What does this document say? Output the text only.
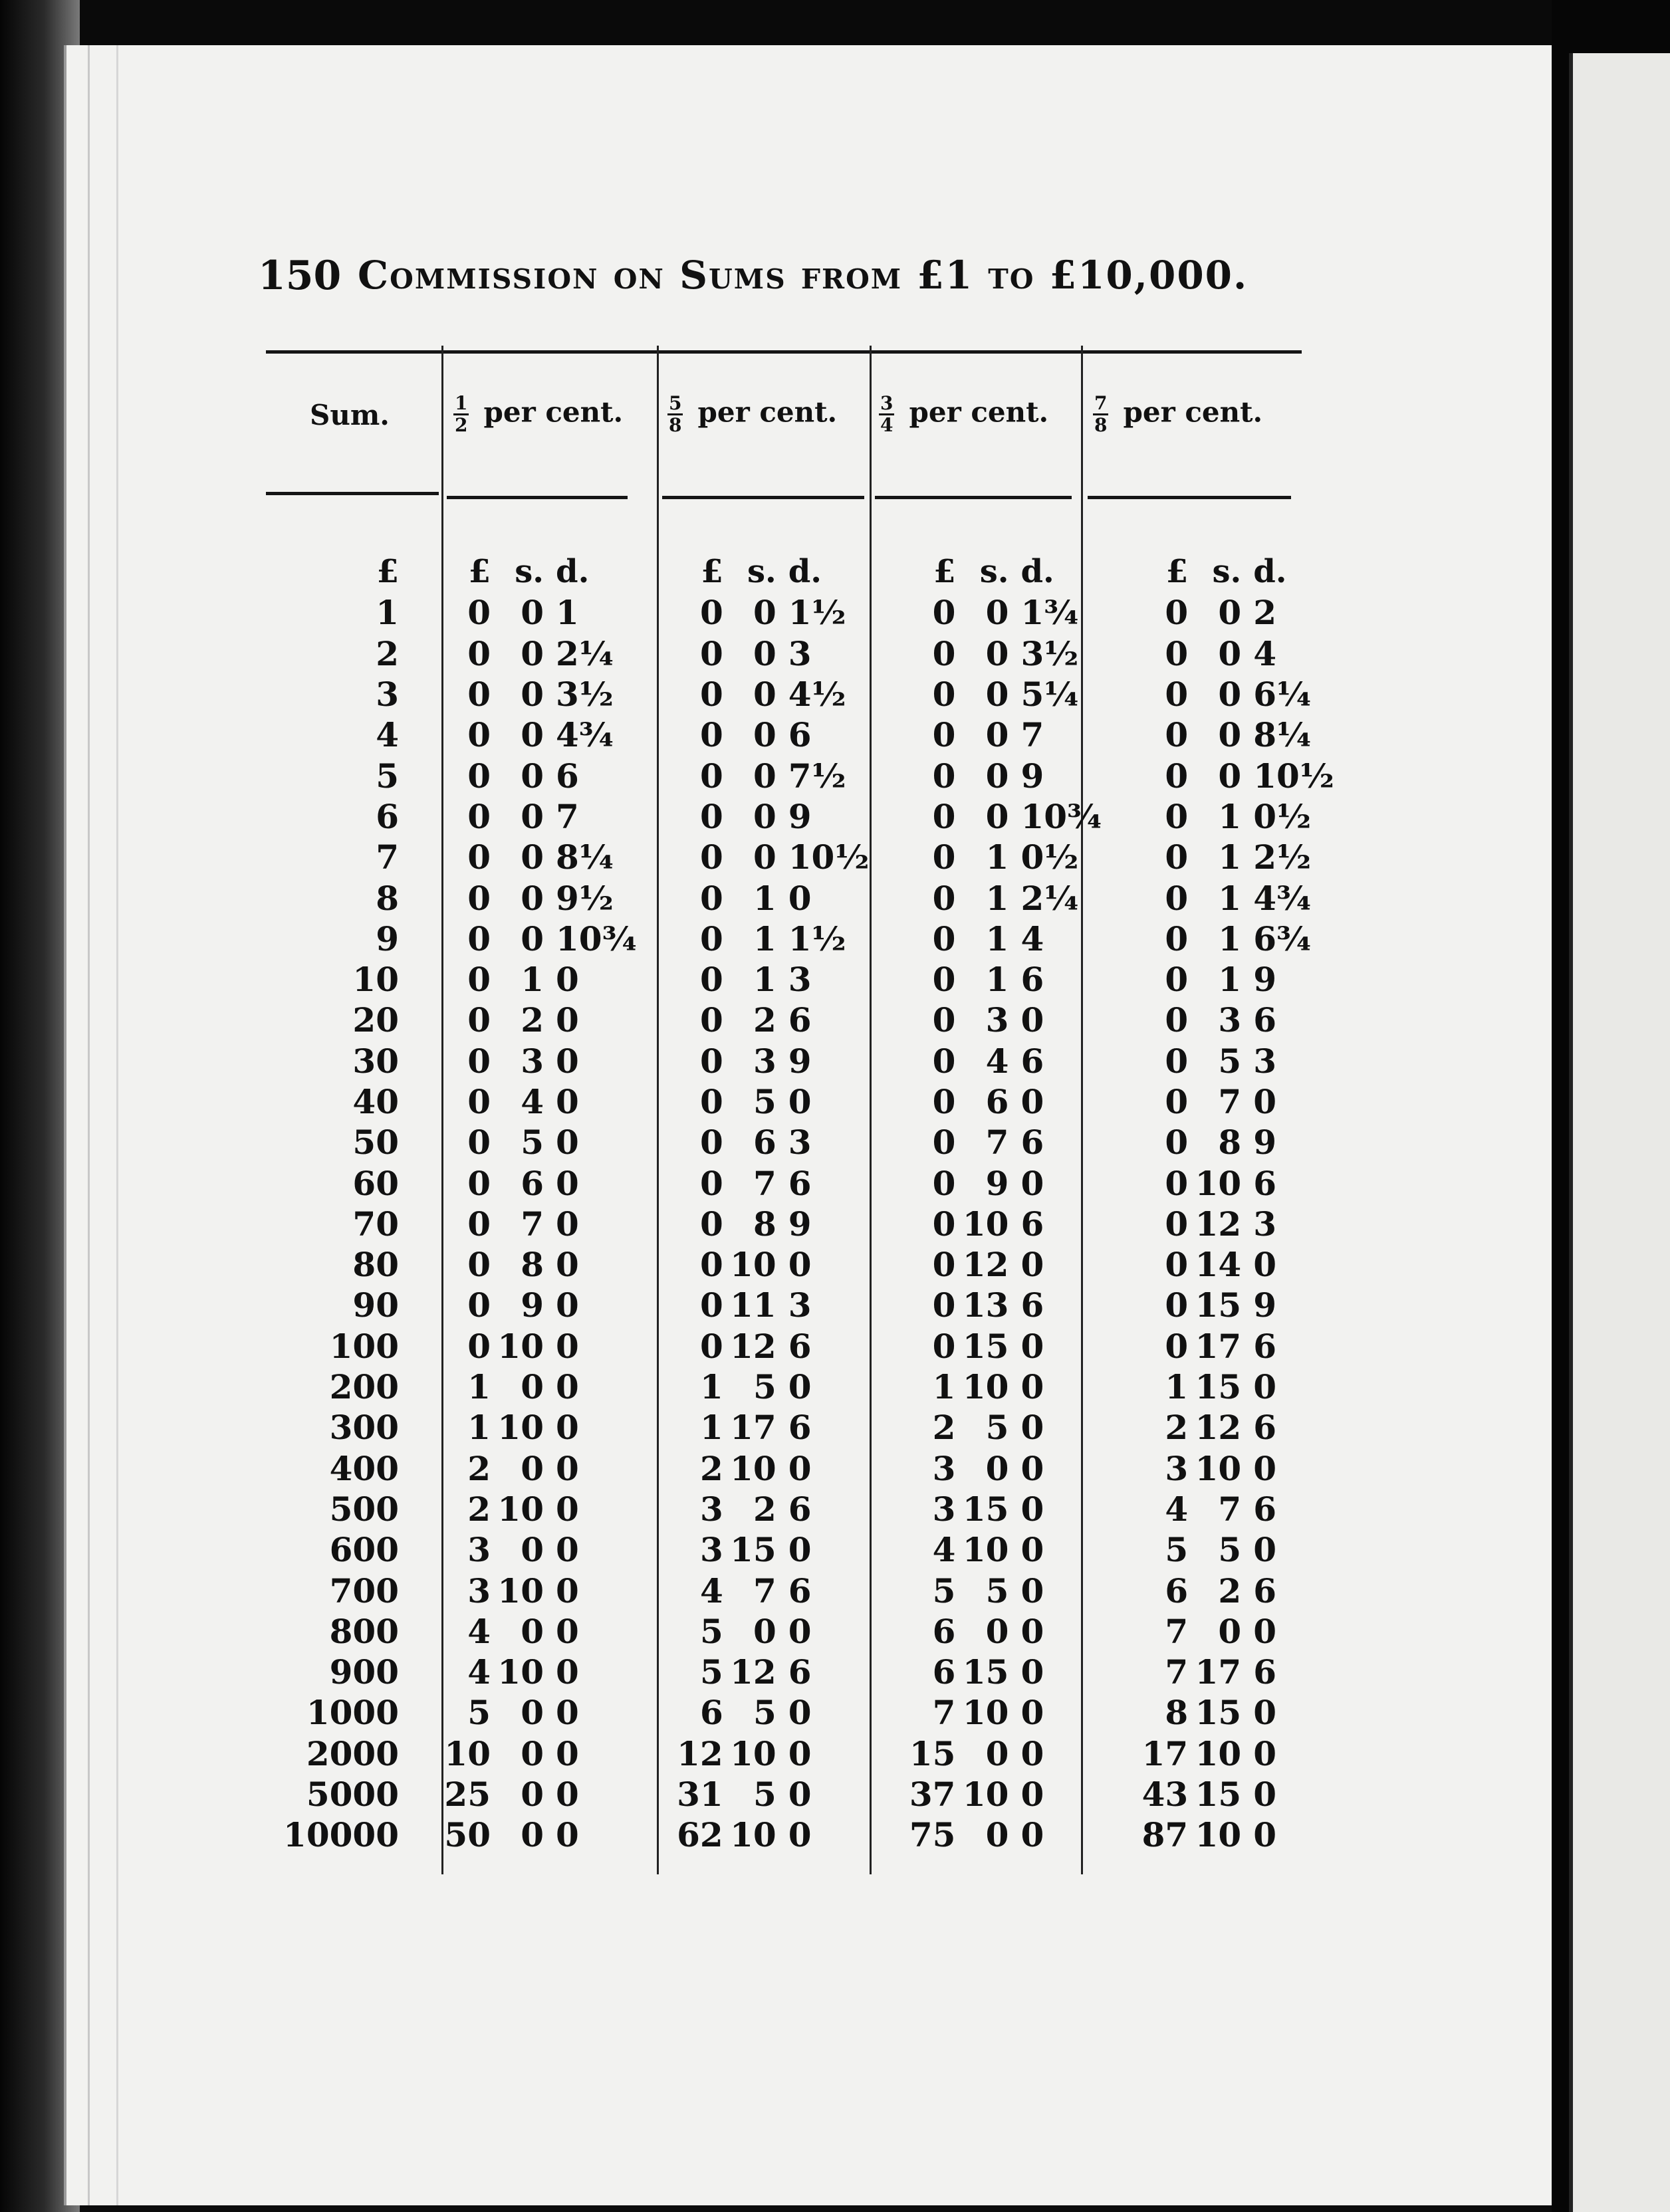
150 Commission on Sums from £1 to £10,000.
Sum.	$\frac{1}{2}$ per cent. $\frac{5}{8}$ per cent. $\frac{3}{4}$ per cent. $\frac{7}{8}$ per cent.
£		£	s.	d.		£	s.	d.		£	s.	d.		£	s.	d.
1		0	0	1		0	0	1½		0	0	1¾		0	0	2
2		0	0	2¼		0	0	3		0	0	3½		0	0	4
3		0	0	3½		0	0	4½		0	0	5¼		0	0	6¼
4		0	0	4¾		0	0	6		0	0	7		0	0	8¼
5		0	0	6		0	0	7½		0	0	9		0	0	10½
6		0	0	7		0	0	9		0	0	10¾		0	1	0½
7		0	0	8¼		0	0	10½		0	1	0½		0	1	2½
8		0	0	9½		0	1	0		0	1	2¼		0	1	4¾
9		0	0	10¾		0	1	1½		0	1	4		0	1	6¾
10		0	1	0		0	1	3		0	1	6		0	1	9
20		0	2	0		0	2	6		0	3	0		0	3	6
30		0	3	0		0	3	9		0	4	6		0	5	3
40		0	4	0		0	5	0		0	6	0		0	7	0
50		0	5	0		0	6	3		0	7	6		0	8	9
60		0	6	0		0	7	6		0	9	0		0	10	6
70		0	7	0		0	8	9		0	10	6		0	12	3
80		0	8	0		0	10	0		0	12	0		0	14	0
90		0	9	0		0	11	3		0	13	6		0	15	9
100		0	10	0		0	12	6		0	15	0		0	17	6
200		1	0	0		1	5	0		1	10	0		1	15	0
300		1	10	0		1	17	6		2	5	0		2	12	6
400		2	0	0		2	10	0		3	0	0		3	10	0
500		2	10	0		3	2	6		3	15	0		4	7	6
600		3	0	0		3	15	0		4	10	0		5	5	0
700		3	10	0		4	7	6		5	5	0		6	2	6
800		4	0	0		5	0	0		6	0	0		7	0	0
900		4	10	0		5	12	6		6	15	0		7	17	6
1000		5	0	0		6	5	0		7	10	0		8	15	0
2000		10	0	0		12	10	0		15	0	0		17	10	0
5000		25	0	0		31	5	0		37	10	0		43	15	0
10000		50	0	0		62	10	0		75	0	0		87	10	0
